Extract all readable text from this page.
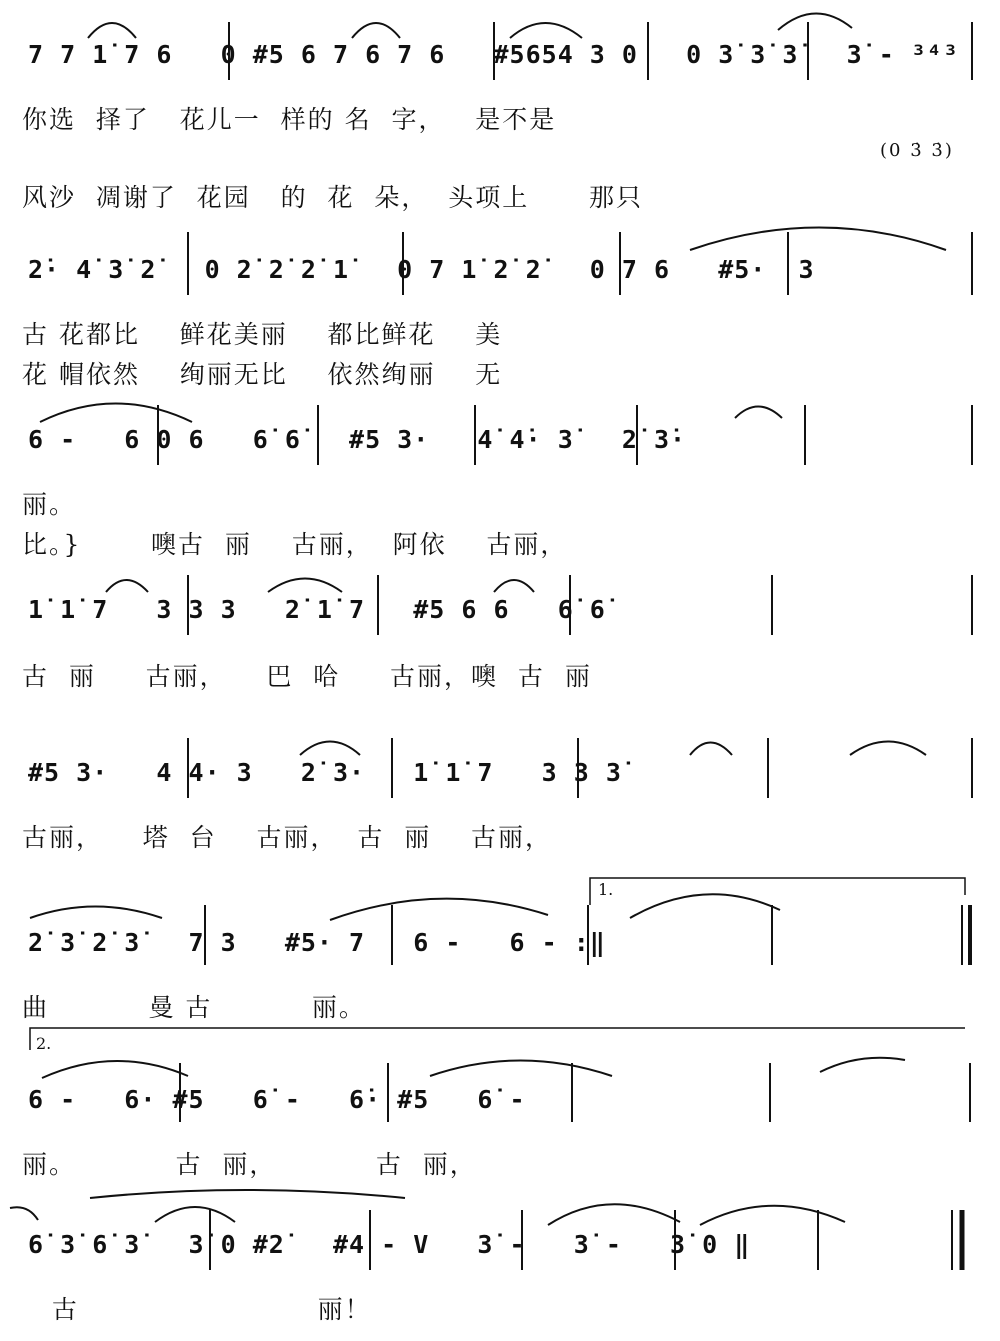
7 7 1̇ 7 6   0 #5 6 7 6 7 6   #5654 3 0   0 3̇ 3̇ 3̇   3̇ - ³⁴³
你选  择了   花儿一  样的 名  字，   是不是
(0 3̇ 3̇)
风沙  凋谢了  花园   的  花  朵，  头项上      那只
2̇· 4̇ 3̇ 2̇   0 2̇ 2̇ 2̇ 1̇   0 7 1̇ 2̇ 2̇   0 7 6   #5·  3
古 花都比    鲜花美丽    都比鲜花    美
花 帽依然    绚丽无比    依然绚丽    无
6 -   6 0 6   6̇ 6̇   #5 3·   4̇ 4̇· 3̇   2̇ 3̇·
丽。
比。}       噢古  丽    古丽，  阿依    古丽，
1̇ 1̇ 7   3 3 3   2̇ 1̇ 7   #5 6 6   6̇ 6̇
古  丽     古丽，    巴  哈     古丽，噢  古  丽
#5 3·   4 4· 3   2̇ 3·   1̇ 1̇ 7   3 3 3̇
古丽，    塔  台    古丽，  古  丽    古丽，
1.
2̇ 3̇ 2̇ 3̇   7 3   #5· 7   6 -   6 - :‖
曲          曼 古          丽。
2.
6 -   6· #5   6̇ -   6̇· #5   6̇ -
丽。          古  丽，          古  丽，
6̇ 3̇ 6̇ 3̇   3̇ 0 #2̇   #4 - V   3̇ -   3̇ -   3̇ 0 ‖
古                        丽！
